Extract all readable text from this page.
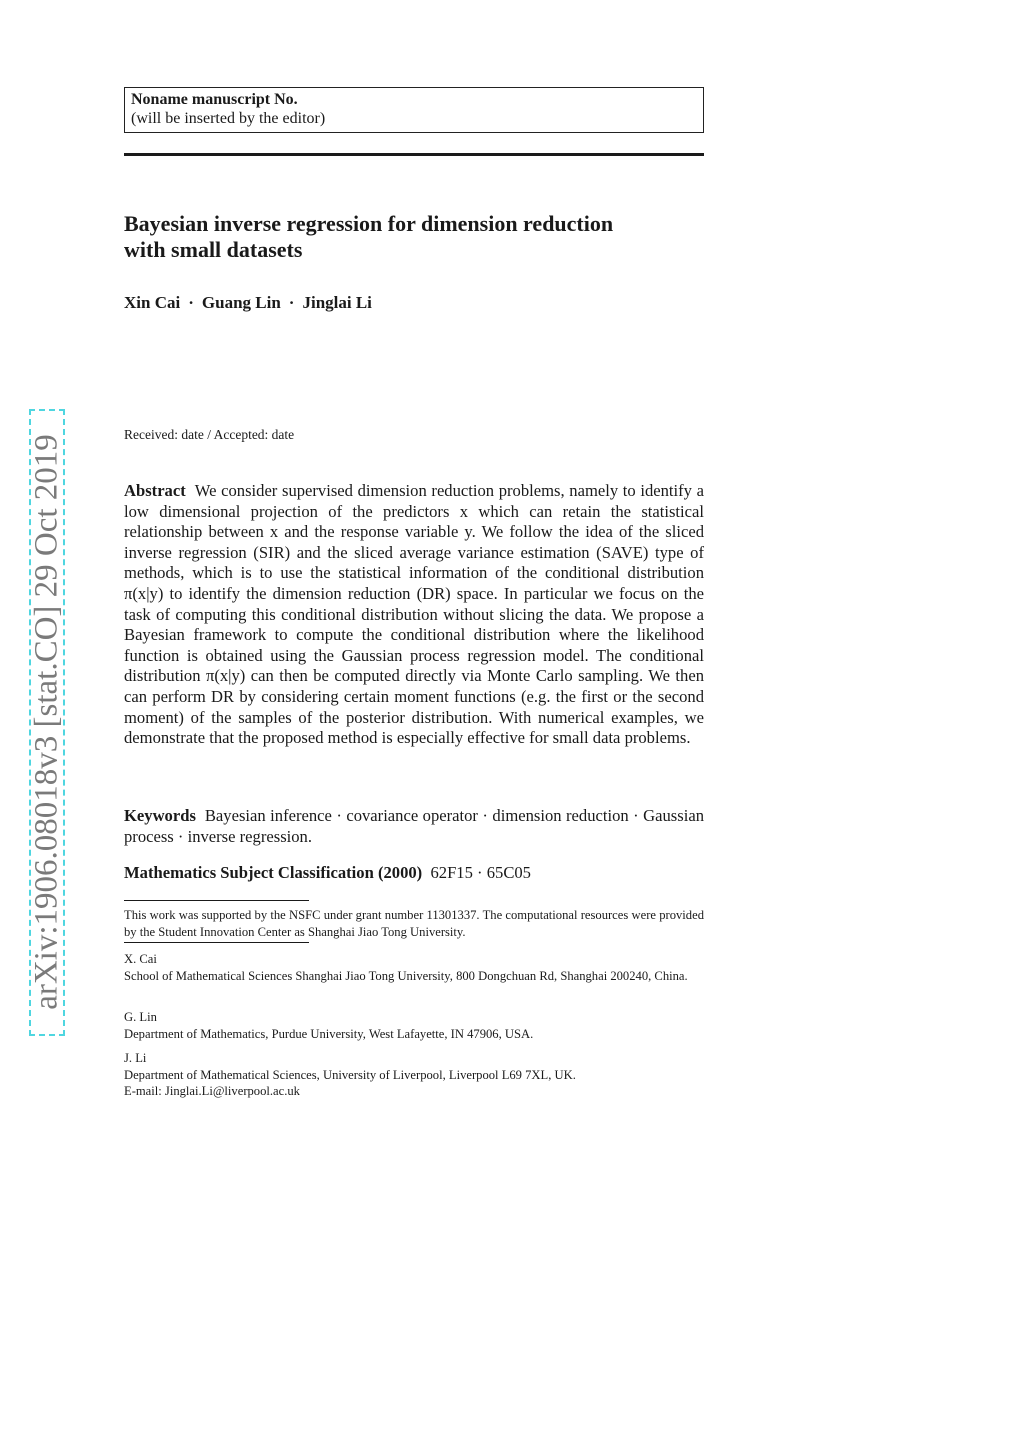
arXiv:1906.08018v3 [stat.CO] 29 Oct 2019
Noname manuscript No.
(will be inserted by the editor)
Bayesian inverse regression for dimension reduction
with small datasets
Xin Cai · Guang Lin · Jinglai Li
Received: date / Accepted: date
Abstract We consider supervised dimension reduction problems, namely to identify a low dimensional projection of the predictors x which can retain the statistical relationship between x and the response variable y. We follow the idea of the sliced inverse regression (SIR) and the sliced average variance estimation (SAVE) type of methods, which is to use the statistical information of the conditional distribution π(x|y) to identify the dimension reduction (DR) space. In particular we focus on the task of computing this conditional distribution without slicing the data. We propose a Bayesian framework to compute the conditional distribution where the likelihood function is obtained using the Gaussian process regression model. The conditional distribution π(x|y) can then be computed directly via Monte Carlo sampling. We then can perform DR by considering certain moment functions (e.g. the first or the second moment) of the samples of the posterior distribution. With numerical examples, we demonstrate that the proposed method is especially effective for small data problems.
Keywords Bayesian inference · covariance operator · dimension reduction · Gaussian process · inverse regression.
Mathematics Subject Classification (2000) 62F15 · 65C05
This work was supported by the NSFC under grant number 11301337. The computational resources were provided by the Student Innovation Center as Shanghai Jiao Tong University.
X. Cai
School of Mathematical Sciences Shanghai Jiao Tong University, 800 Dongchuan Rd, Shanghai 200240, China.
G. Lin
Department of Mathematics, Purdue University, West Lafayette, IN 47906, USA.
J. Li
Department of Mathematical Sciences, University of Liverpool, Liverpool L69 7XL, UK.
E-mail: Jinglai.Li@liverpool.ac.uk
